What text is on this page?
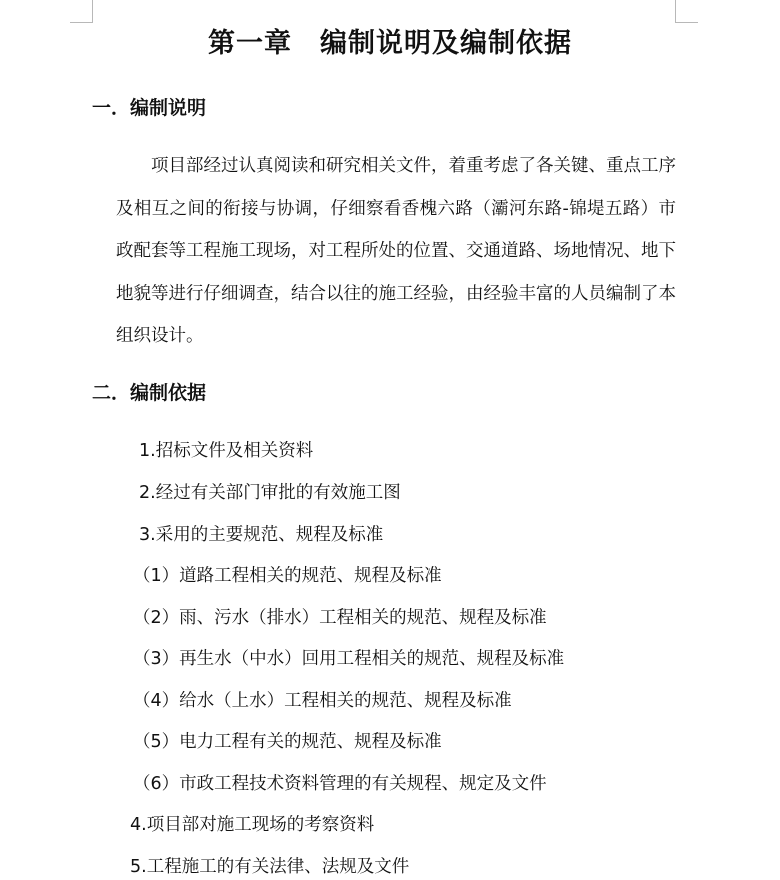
第一章　编制说明及编制依据
一．编制说明
项目部经过认真阅读和研究相关文件，着重考虑了各关键、重点工序及相互之间的衔接与协调，仔细察看香槐六路（灞河东路-锦堤五路）市政配套等工程施工现场，对工程所处的位置、交通道路、场地情况、地下地貌等进行仔细调查，结合以往的施工经验，由经验丰富的人员编制了本组织设计。
二．编制依据
1.招标文件及相关资料
2.经过有关部门审批的有效施工图
3.采用的主要规范、规程及标准
（1）道路工程相关的规范、规程及标准
（2）雨、污水（排水）工程相关的规范、规程及标准
（3）再生水（中水）回用工程相关的规范、规程及标准
（4）给水（上水）工程相关的规范、规程及标准
（5）电力工程有关的规范、规程及标准
（6）市政工程技术资料管理的有关规程、规定及文件
4.项目部对施工现场的考察资料
5.工程施工的有关法律、法规及文件
